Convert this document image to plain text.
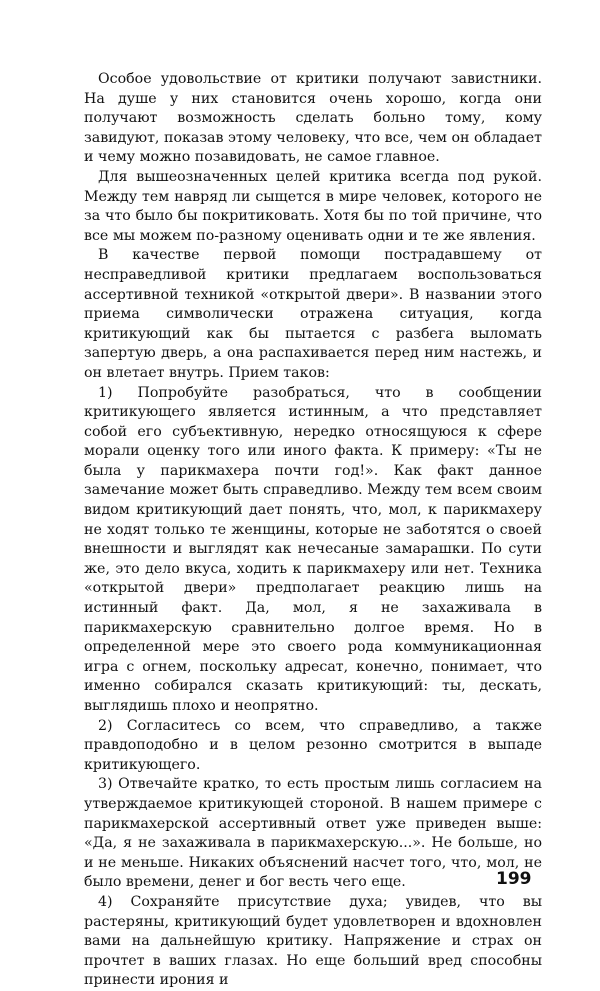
Особое удовольствие от критики получают завистники. На душе у них становится очень хорошо, когда они получают возможность сделать больно тому, кому завидуют, показав этому человеку, что все, чем он обладает и чему можно позавидовать, не самое главное.

Для вышеозначенных целей критика всегда под рукой. Между тем навряд ли сыщется в мире человек, которого не за что было бы покритиковать. Хотя бы по той причине, что все мы можем по-разному оценивать одни и те же явления.

В качестве первой помощи пострадавшему от несправедливой критики предлагаем воспользоваться ассертивной техникой «открытой двери». В названии этого приема символически отражена ситуация, когда критикующий как бы пытается с разбега выломать запертую дверь, а она распахивается перед ним настежь, и он влетает внутрь. Прием таков:

1) Попробуйте разобраться, что в сообщении критикующего является истинным, а что представляет собой его субъективную, нередко относящуюся к сфере морали оценку того или иного факта. К примеру: «Ты не была у парикмахера почти год!». Как факт данное замечание может быть справедливо. Между тем всем своим видом критикующий дает понять, что, мол, к парикмахеру не ходят только те женщины, которые не заботятся о своей внешности и выглядят как нечесаные замарашки. По сути же, это дело вкуса, ходить к парикмахеру или нет. Техника «открытой двери» предполагает реакцию лишь на истинный факт. Да, мол, я не захаживала в парикмахерскую сравнительно долгое время. Но в определенной мере это своего рода коммуникационная игра с огнем, поскольку адресат, конечно, понимает, что именно собирался сказать критикующий: ты, дескать, выглядишь плохо и неопрятно.

2) Согласитесь со всем, что справедливо, а также правдоподобно и в целом резонно смотрится в выпаде критикующего.

3) Отвечайте кратко, то есть простым лишь согласием на утверждаемое критикующей стороной. В нашем примере с парикмахерской ассертивный ответ уже приведен выше: «Да, я не захаживала в парикмахерскую...». Не больше, но и не меньше. Никаких объяснений насчет того, что, мол, не было времени, денег и бог весть чего еще.

4) Сохраняйте присутствие духа; увидев, что вы растеряны, критикующий будет удовлетворен и вдохновлен вами на дальнейшую критику. Напряжение и страх он прочтет в ваших глазах. Но еще больший вред способны принести ирония и

199
